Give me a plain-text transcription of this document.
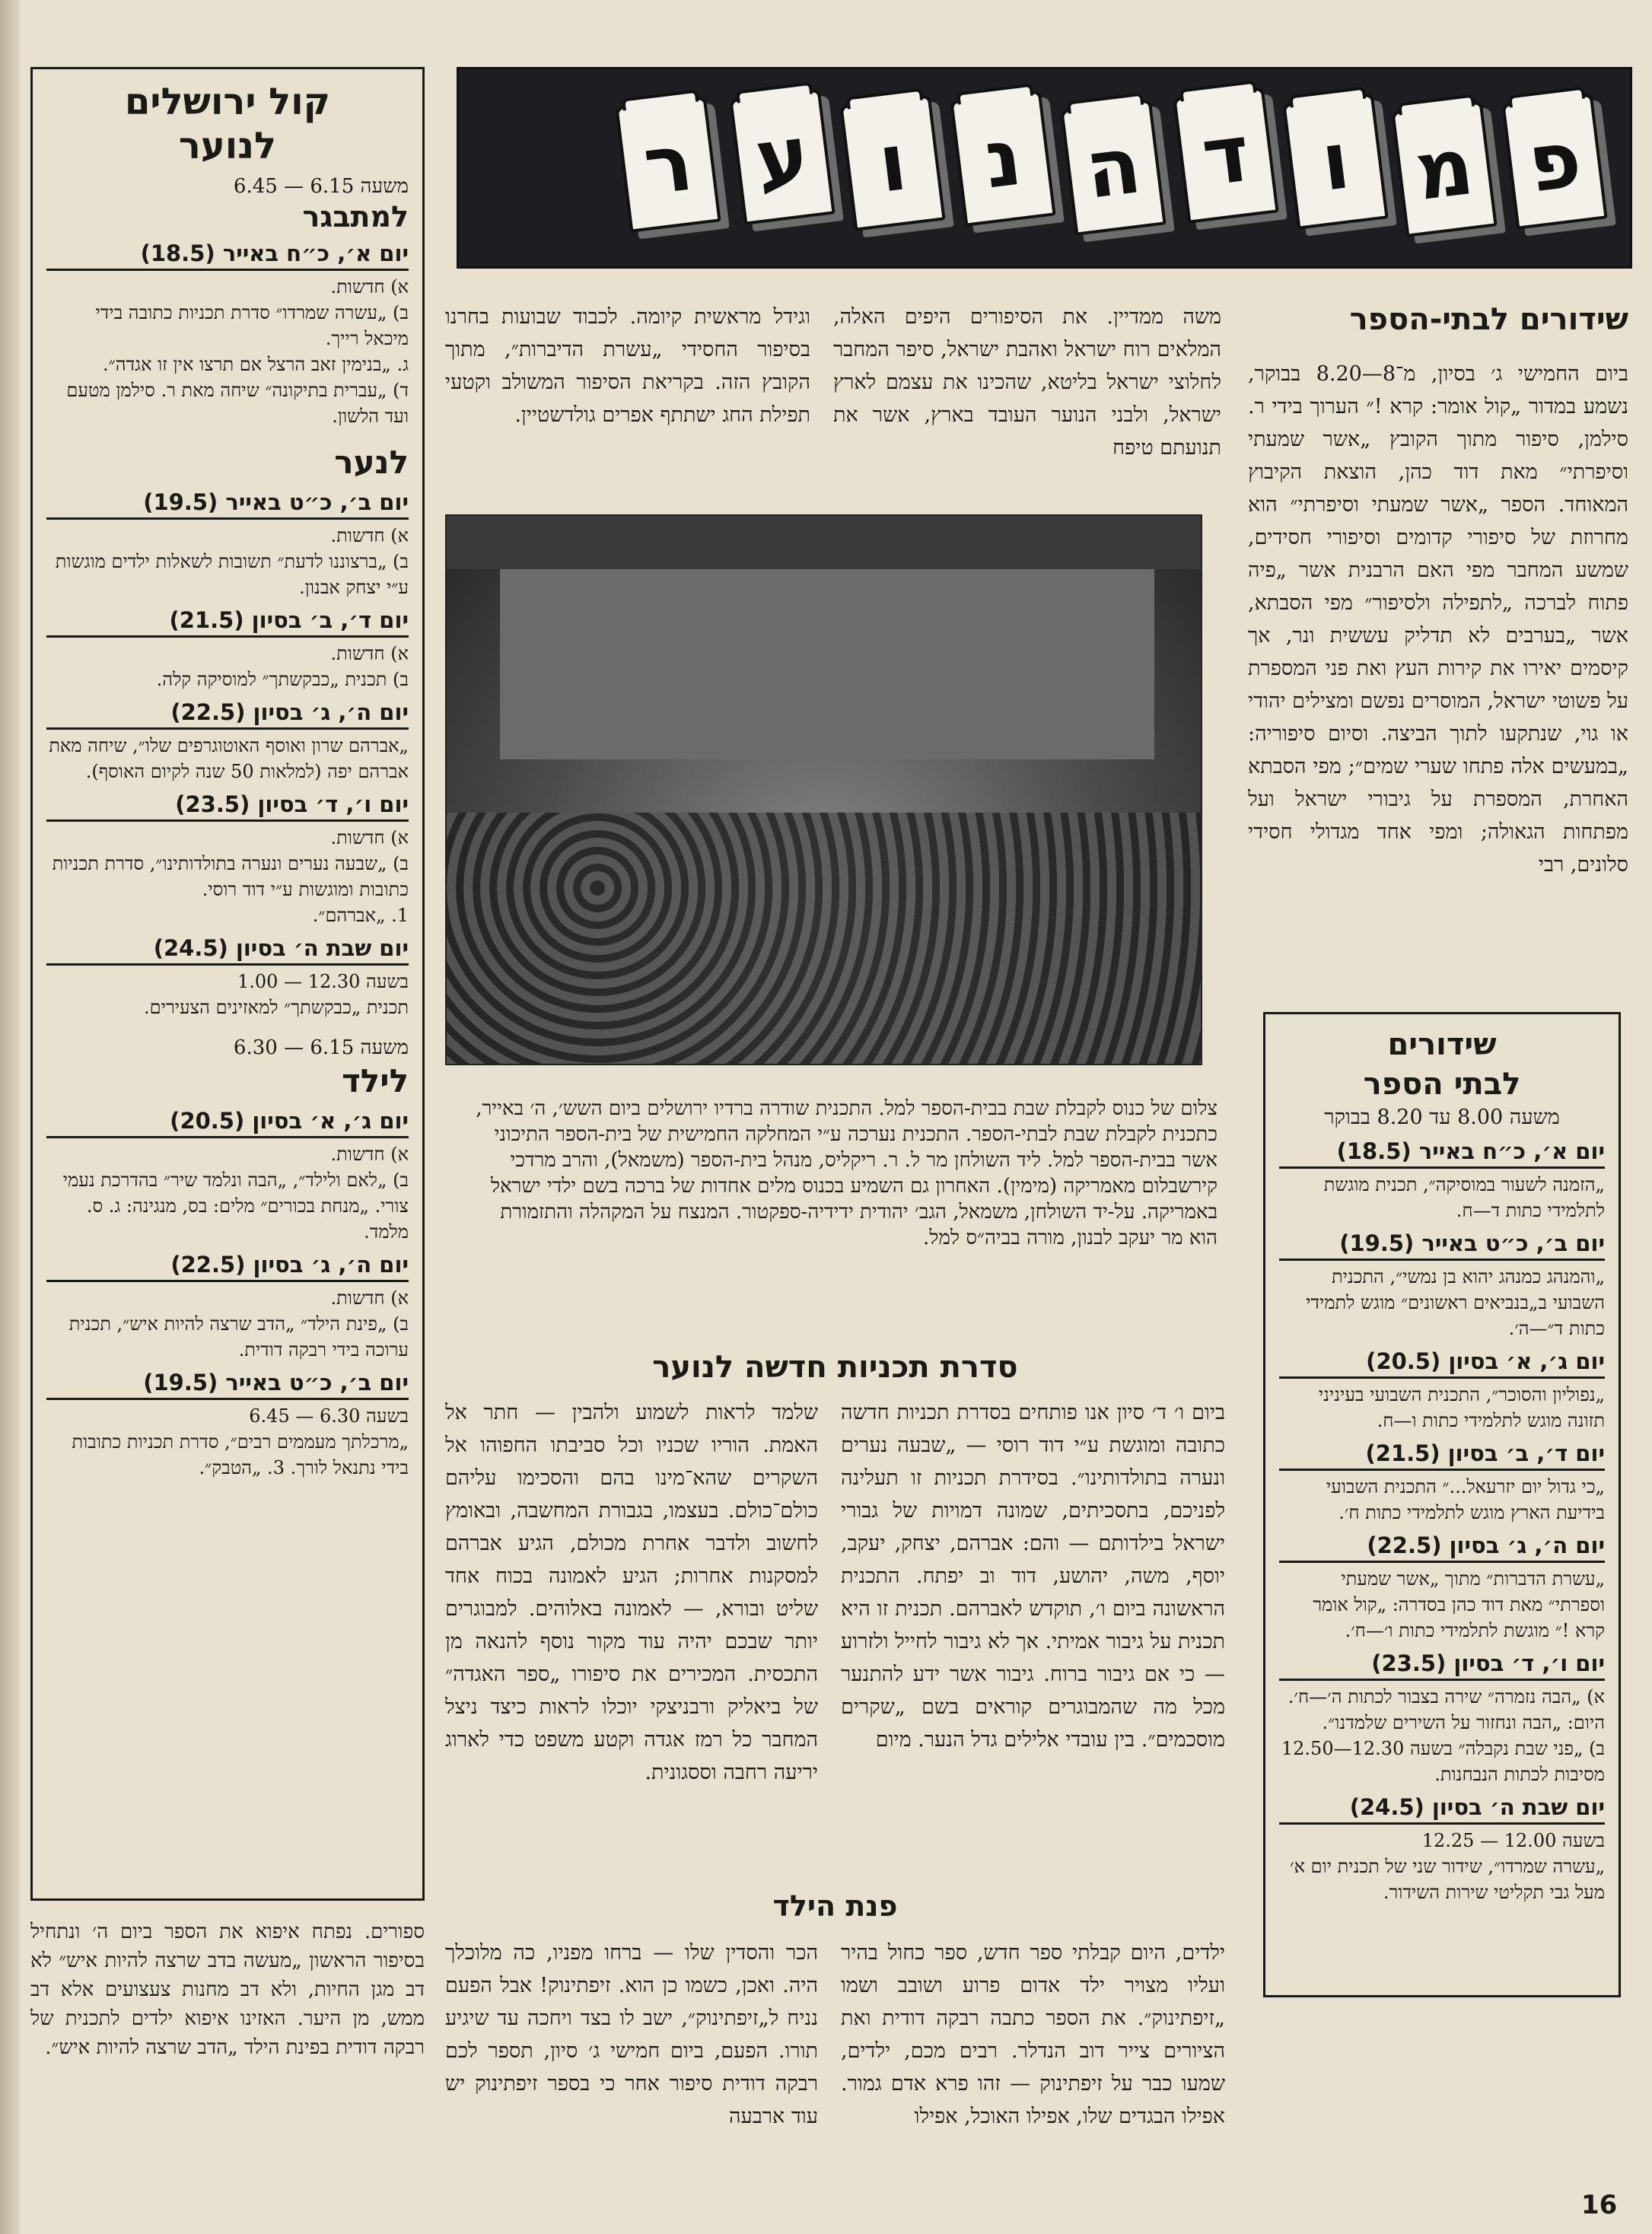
פ
מ
ו
ד
ה
נ
ו
ע
ר
קול ירושלים
לנוער
משעה 6.15 — 6.45
למתבגר
יום א׳, כ״ח באייר (18.5)
א) חדשות.
ב) „עשרה שמרדו״ סדרת תכניות כתובה בידי מיכאל רייך.
ג. „בנימין זאב הרצל אם תרצו אין זו אגדה״.
ד) „עברית בתיקונה״ שיחה מאת ר. סילמן מטעם ועד הלשון.
לנער
יום ב׳, כ״ט באייר (19.5)
א) חדשות.
ב) „ברצוננו לדעת״ תשובות לשאלות ילדים מוגשות ע״י יצחק אבנון.
יום ד׳, ב׳ בסיון (21.5)
א) חדשות.
ב) תכנית „כבקשתך״ למוסיקה קלה.
יום ה׳, ג׳ בסיון (22.5)
„אברהם שרון ואוסף האוטוגרפים שלו״, שיחה מאת אברהם יפה (למלאות 50 שנה לקיום האוסף).
יום ו׳, ד׳ בסיון (23.5)
א) חדשות.
ב) „שבעה נערים ונערה בתולדותינו״, סדרת תכניות כתובות ומוגשות ע״י דוד רוסי.
1. „אברהם״.
יום שבת ה׳ בסיון (24.5)
בשעה 12.30 — 1.00
תכנית „כבקשתך״ למאזינים הצעירים.
משעה 6.15 — 6.30
לילד
יום ג׳, א׳ בסיון (20.5)
א) חדשות.
ב) „לאם ולילד״, „הבה ונלמד שיר״ בהדרכת נעמי צורי. „מנחת בכורים״ מלים: בס, מנגינה: ג. ס. מלמד.
יום ה׳, ג׳ בסיון (22.5)
א) חדשות.
ב) „פינת הילד״ „הדב שרצה להיות איש״, תכנית ערוכה בידי רבקה דודית.
יום ב׳, כ״ט באייר (19.5)
בשעה 6.30 — 6.45
„מרכלתך מעממים רבים״, סדרת תכניות כתובות בידי נתנאל לורך. 3. „הטבק״.
ספורים. נפתח איפוא את הספר ביום ה׳ ונתחיל בסיפור הראשון „מעשה בדב שרצה להיות איש״ לא דב מגן החיות, ולא דב מחנות צעצועים אלא דב ממש, מן היער. האזינו איפוא ילדים לתכנית של רבקה דודית בפינת הילד „הדב שרצה להיות איש״.
שידורים לבתי-הספר
ביום החמישי ג׳ בסיון, מ־8—8.20 בבוקר, נשמע במדור „קול אומר: קרא !״ הערוך בידי ר. סילמן, סיפור מתוך הקובץ „אשר שמעתי וסיפרתי״ מאת דוד כהן, הוצאת הקיבוץ המאוחד. הספר „אשר שמעתי וסיפרתי״ הוא מחרוזת של סיפורי קדומים וסיפורי חסידים, שמשע המחבר מפי האם הרבנית אשר „פיה פתוח לברכה „לתפילה ולסיפור״ מפי הסבתא, אשר „בערבים לא תדליק עששית ונר, אך קיסמים יאירו את קירות העץ ואת פני המספרת על פשוטי ישראל, המוסרים נפשם ומצילים יהודי או גוי, שנתקעו לתוך הביצה. וסיום סיפוריה: „במעשים אלה פתחו שערי שמים״; מפי הסבתא האחרת, המספרת על גיבורי ישראל ועל מפתחות הגאולה; ומפי אחד מגדולי חסידי סלונים, רבי
משה ממדיין. את הסיפורים היפים האלה, המלאים רוח ישראל ואהבת ישראל, סיפר המחבר לחלוצי ישראל בליטא, שהכינו את עצמם לארץ ישראל, ולבני הנוער העובד בארץ, אשר את תנועתם טיפח
וגידל מראשית קיומה. לכבוד שבועות בחרנו בסיפור החסידי „עשרת הדיברות״, מתוך הקובץ הזה. בקריאת הסיפור המשולב וקטעי תפילת החג ישתתף אפרים גולדשטיין.
שידורים
לבתי הספר
משעה 8.00 עד 8.20 בבוקר
יום א׳, כ״ח באייר (18.5)
„הזמנה לשעור במוסיקה״, תכנית מוגשת לתלמידי כתות ד—ח.
יום ב׳, כ״ט באייר (19.5)
„והמנהג כמנהג יהוא בן נמשי״, התכנית השבועי ב„בנביאים ראשונים״ מוגש לתמידי כתות ד״—ה׳.
יום ג׳, א׳ בסיון (20.5)
„נפוליון והסוכר״, התכנית השבועי בעיניני תזונה מוגש לתלמידי כתות ו—ח.
יום ד׳, ב׳ בסיון (21.5)
„כי גדול יום יזרעאל...״ התכנית השבועי בידיעת הארץ מוגש לתלמידי כתות ח׳.
יום ה׳, ג׳ בסיון (22.5)
„עשרת הדברות״ מתוך „אשר שמעתי וספרתי״ מאת דוד כהן בסדרה: „קול אומר קרא !״ מוגשת לתלמידי כתות ו׳—ח׳.
יום ו׳, ד׳ בסיון (23.5)
א) „הבה נזמרה״ שירה בצבור לכתות ה׳—ח׳. היום: „הבה ונחזור על השירים שלמדנו״.
ב) „פני שבת נקבלה״ בשעה 12.30—12.50 מסיבות לכתות הנבחנות.
יום שבת ה׳ בסיון (24.5)
בשעה 12.00 — 12.25
„עשרה שמרדו״, שידור שני של תכנית יום א׳ מעל גבי תקליטי שירות השידור.
צלום של כנוס לקבלת שבת בבית-הספר למל. התכנית שודרה ברדיו ירושלים ביום השש׳, ה׳ באייר, כתכנית לקבלת שבת לבתי-הספר. התכנית נערכה ע״י המחלקה החמישית של בית-הספר התיכוני אשר בבית-הספר למל. ליד השולחן מר ל. ר. ריקליס, מנהל בית-הספר (משמאל), והרב מרדכי קירשבלום מאמריקה (מימין). האחרון גם השמיע בכנוס מלים אחדות של ברכה בשם ילדי ישראל באמריקה. על-יד השולחן, משמאל, הגב׳ יהודית ידידיה-ספקטור. המנצח על המקהלה והתזמורת הוא מר יעקב לבנון, מורה בביה״ס למל.
סדרת תכניות חדשה לנוער
ביום ו׳ ד׳ סיון אנו פותחים בסדרת תכניות חדשה כתובה ומוגשת ע״י דוד רוסי — „שבעה נערים ונערה בתולדותינו״. בסידרת תכניות זו תעלינה לפניכם, בתסכיתים, שמונה דמויות של גבורי ישראל בילדותם — והם: אברהם, יצחק, יעקב, יוסף, משה, יהושע, דוד וב יפתח. התכנית הראשונה ביום ו׳, תוקדש לאברהם. תכנית זו היא תכנית על גיבור אמיתי. אך לא גיבור לחייל ולזרוע — כי אם גיבור ברוח. גיבור אשר ידע להתנער מכל מה שהמבוגרים קוראים בשם „שקרים מוסכמים״. בין עובדי אלילים גדל הנער. מיום
שלמד לראות לשמוע ולהבין — חתר אל האמת. הוריו שכניו וכל סביבתו החפוהו אל השקרים שהא־מינו בהם והסכימו עליהם כולם־כולם. בעצמו, בגבורת המחשבה, ובאומץ לחשוב ולדבר אחרת מכולם, הגיע אברהם למסקנות אחרות; הגיע לאמונה בכוח אחד שליט ובורא, — לאמונה באלוהים. למבוגרים יותר שבכם יהיה עוד מקור נוסף להנאה מן התכסית. המכירים את סיפורו „ספר האגדה״ של ביאליק ורבניצקי יוכלו לראות כיצד ניצל המחבר כל רמז אגדה וקטע משפט כדי לארוג יריעה רחבה וססגונית.
פנת הילד
ילדים, היום קבלתי ספר חדש, ספר כחול בהיר ועליו מצויר ילד אדום פרוע ושובב ושמו „זיפתינוק״. את הספר כתבה רבקה דודית ואת הציורים צייר דוב הנדלר. רבים מכם, ילדים, שמעו כבר על זיפתינוק — זהו פרא אדם גמור. אפילו הבגדים שלו, אפילו האוכל, אפילו
הכר והסדין שלו — ברחו מפניו, כה מלוכלך היה. ואכן, כשמו כן הוא. זיפתינוק! אבל הפעם נניח ל„זיפתינוק״, ישב לו בצד ויחכה עד שיגיע תורו. הפעם, ביום חמישי ג׳ סיון, תספר לכם רבקה דודית סיפור אחר כי בספר זיפתינוק יש עוד ארבעה
16
